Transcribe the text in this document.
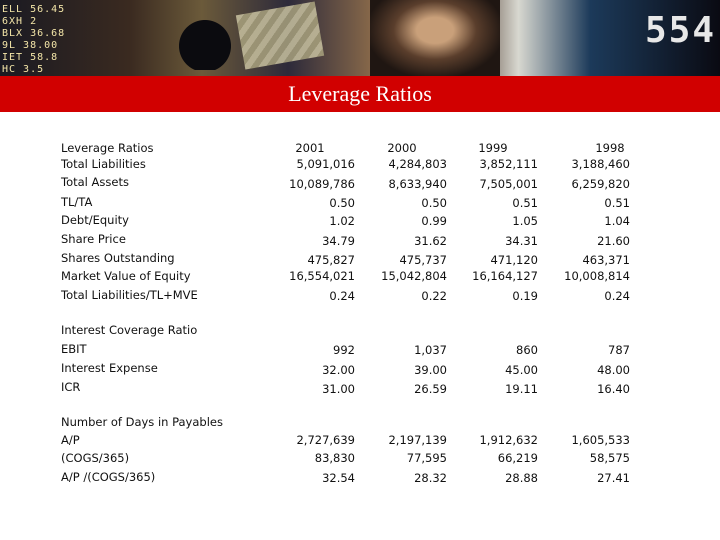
ELL 56.45
6XH 2
BLX 36.68
9L 38.00
IET 58.8
HC 3.5

554
Leverage Ratios
Leverage Ratios	2001	2000	1999	1998
Total Liabilities	5,091,016	4,284,803	3,852,111	3,188,460
Total Assets	10,089,786	8,633,940	7,505,001	6,259,820
TL/TA	0.50	0.50	0.51	0.51
Debt/Equity	1.02	0.99	1.05	1.04
Share Price	34.79	31.62	34.31	21.60
Shares Outstanding	475,827	475,737	471,120	463,371
Market Value of Equity	16,554,021	15,042,804	16,164,127	10,008,814
Total Liabilities/TL+MVE	0.24	0.22	0.19	0.24
Interest Coverage Ratio
EBIT	992	1,037	860	787
Interest Expense	32.00	39.00	45.00	48.00
ICR	31.00	26.59	19.11	16.40
Number of Days in Payables
A/P	2,727,639	2,197,139	1,912,632	1,605,533
(COGS/365)	83,830	77,595	66,219	58,575
A/P /(COGS/365)	32.54	28.32	28.88	27.41
